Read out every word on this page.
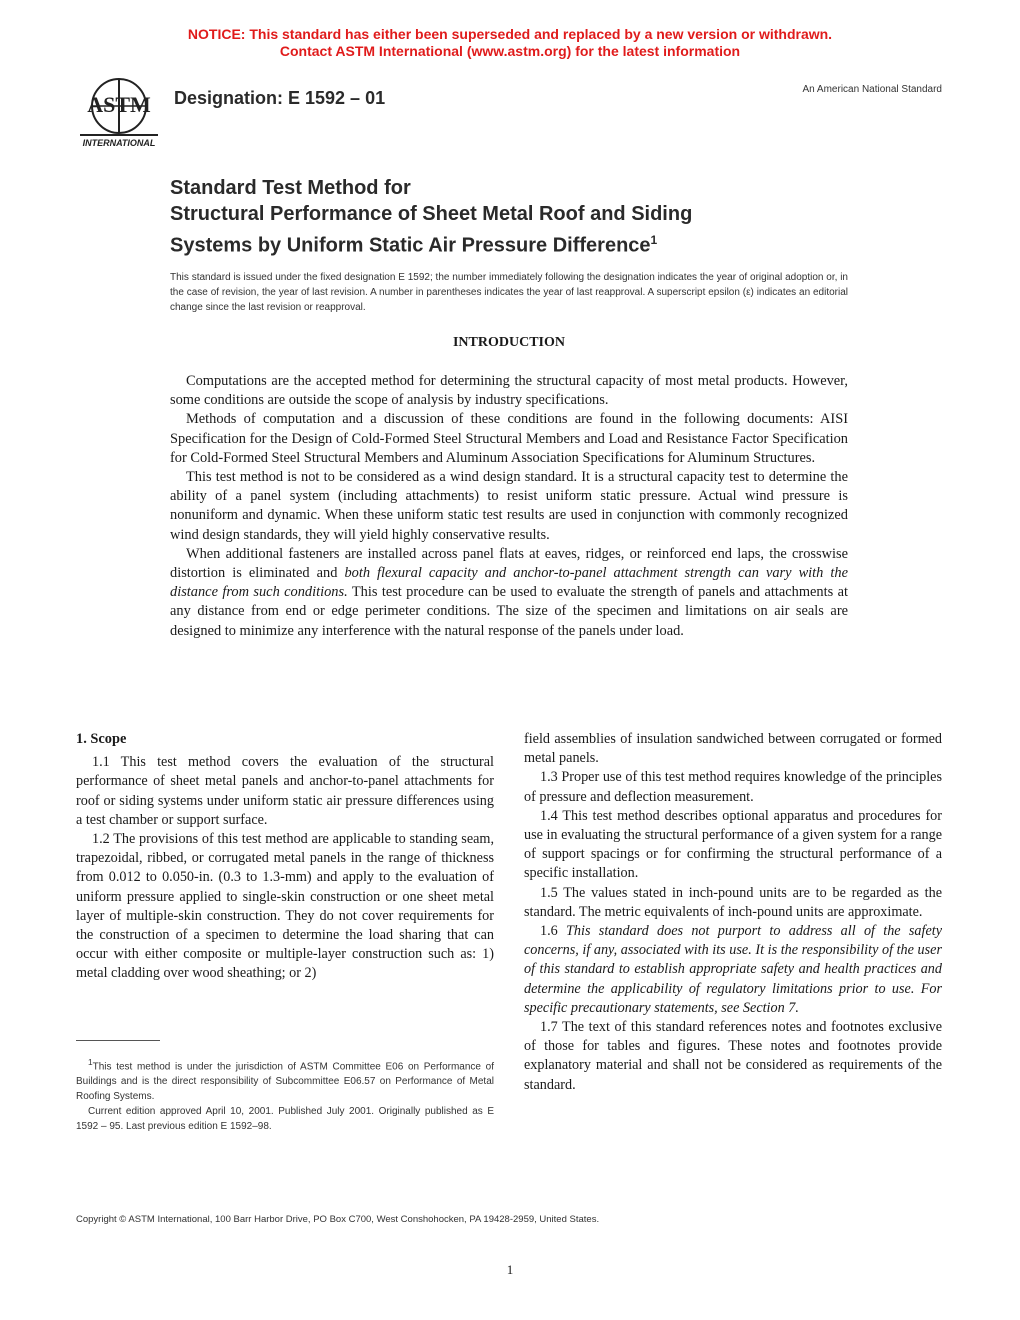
NOTICE: This standard has either been superseded and replaced by a new version or withdrawn.
Contact ASTM International (www.astm.org) for the latest information
ASTM
INTERNATIONAL
Designation: E 1592 – 01	An American National Standard
Standard Test Method for
Structural Performance of Sheet Metal Roof and Siding
Systems by Uniform Static Air Pressure Difference$^1$
This standard is issued under the fixed designation E 1592; the number immediately following the designation indicates the year of original adoption or, in the case of revision, the year of last revision. A number in parentheses indicates the year of last reapproval. A superscript epsilon (ε) indicates an editorial change since the last revision or reapproval.
INTRODUCTION

Computations are the accepted method for determining the structural capacity of most metal products. However, some conditions are outside the scope of analysis by industry specifications.

Methods of computation and a discussion of these conditions are found in the following documents: AISI Specification for the Design of Cold-Formed Steel Structural Members and Load and Resistance Factor Specification for Cold-Formed Steel Structural Members and Aluminum Association Specifications for Aluminum Structures.

This test method is not to be considered as a wind design standard. It is a structural capacity test to determine the ability of a panel system (including attachments) to resist uniform static pressure. Actual wind pressure is nonuniform and dynamic. When these uniform static test results are used in conjunction with commonly recognized wind design standards, they will yield highly conservative results.

When additional fasteners are installed across panel flats at eaves, ridges, or reinforced end laps, the crosswise distortion is eliminated and both flexural capacity and anchor-to-panel attachment strength can vary with the distance from such conditions. This test procedure can be used to evaluate the strength of panels and attachments at any distance from end or edge perimeter conditions. The size of the specimen and limitations on air seals are designed to minimize any interference with the natural response of the panels under load.

1. Scope

1.1 This test method covers the evaluation of the structural performance of sheet metal panels and anchor-to-panel attachments for roof or siding systems under uniform static air pressure differences using a test chamber or support surface.

1.2 The provisions of this test method are applicable to standing seam, trapezoidal, ribbed, or corrugated metal panels in the range of thickness from 0.012 to 0.050-in. (0.3 to 1.3-mm) and apply to the evaluation of uniform pressure applied to single-skin construction or one sheet metal layer of multiple-skin construction. They do not cover requirements for the construction of a specimen to determine the load sharing that can occur with either composite or multiple-layer construction such as: 1) metal cladding over wood sheathing; or 2)

$^1$This test method is under the jurisdiction of ASTM Committee E06 on Performance of Buildings and is the direct responsibility of Subcommittee E06.57 on Performance of Metal Roofing Systems.

Current edition approved April 10, 2001. Published July 2001. Originally published as E 1592 – 95. Last previous edition E 1592–98.

field assemblies of insulation sandwiched between corrugated or formed metal panels.

1.3 Proper use of this test method requires knowledge of the principles of pressure and deflection measurement.

1.4 This test method describes optional apparatus and procedures for use in evaluating the structural performance of a given system for a range of support spacings or for confirming the structural performance of a specific installation.

1.5 The values stated in inch-pound units are to be regarded as the standard. The metric equivalents of inch-pound units are approximate.

1.6 This standard does not purport to address all of the safety concerns, if any, associated with its use. It is the responsibility of the user of this standard to establish appropriate safety and health practices and determine the applicability of regulatory limitations prior to use. For specific precautionary statements, see Section 7.

1.7 The text of this standard references notes and footnotes exclusive of those for tables and figures. These notes and footnotes provide explanatory material and shall not be considered as requirements of the standard.

Copyright © ASTM International, 100 Barr Harbor Drive, PO Box C700, West Conshohocken, PA 19428-2959, United States.
1
